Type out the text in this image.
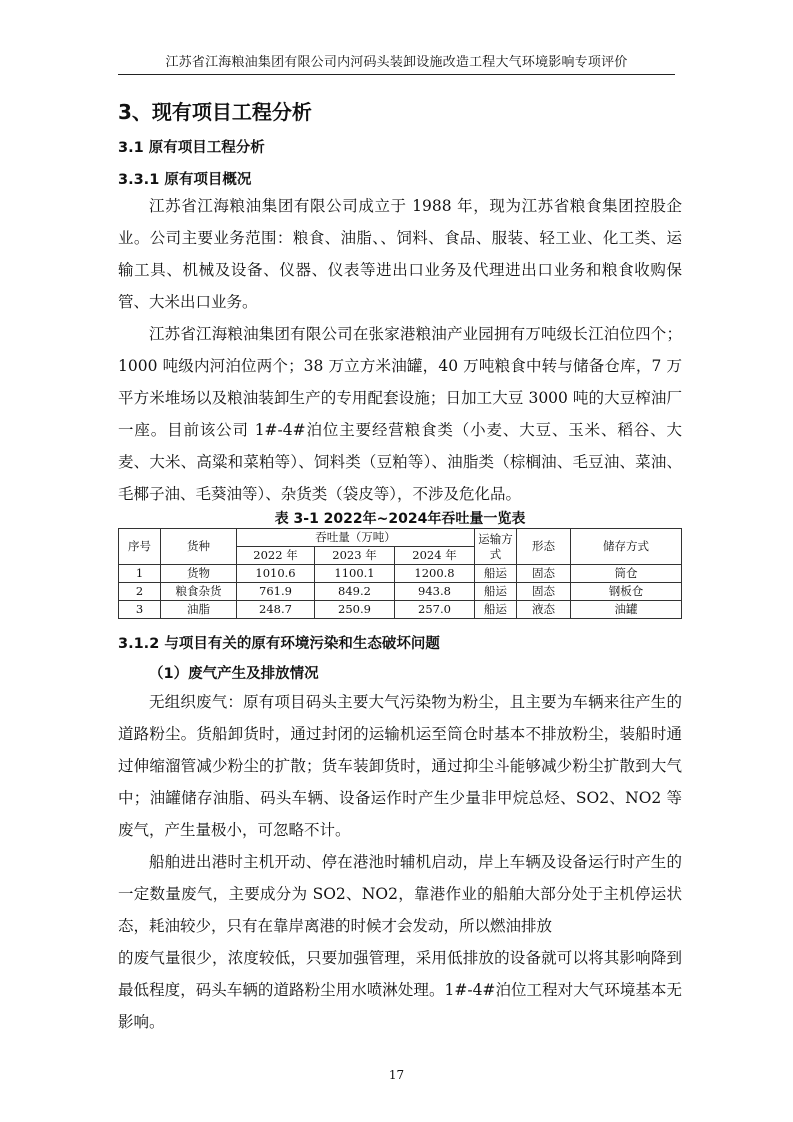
江苏省江海粮油集团有限公司内河码头装卸设施改造工程大气环境影响专项评价
3、现有项目工程分析
3.1 原有项目工程分析
3.3.1 原有项目概况

江苏省江海粮油集团有限公司成立于 1988 年，现为江苏省粮食集团控股企业。公司主要业务范围：粮食、油脂、、饲料、食品、服装、轻工业、化工类、运输工具、机械及设备、仪器、仪表等进出口业务及代理进出口业务和粮食收购保管、大米出口业务。

江苏省江海粮油集团有限公司在张家港粮油产业园拥有万吨级长江泊位四个；1000 吨级内河泊位两个；38 万立方米油罐，40 万吨粮食中转与储备仓库，7 万平方米堆场以及粮油装卸生产的专用配套设施；日加工大豆 3000 吨的大豆榨油厂一座。目前该公司 1#-4#泊位主要经营粮食类（小麦、大豆、玉米、稻谷、大麦、大米、高粱和菜粕等）、饲料类（豆粕等）、油脂类（棕榈油、毛豆油、菜油、毛椰子油、毛葵油等）、杂货类（袋皮等），不涉及危化品。

表 3-1 2022年~2024年吞吐量一览表
序号	货种	吞吐量（万吨）			运输方式	形态	储存方式
		2022 年	2023 年	2024 年			
1	货物	1010.6	1100.1	1200.8	船运	固态	筒仓
2	粮食杂货	761.9	849.2	943.8	船运	固态	钢板仓
3	油脂	248.7	250.9	257.0	船运	液态	油罐
3.1.2 与项目有关的原有环境污染和生态破坏问题
（1）废气产生及排放情况

无组织废气：原有项目码头主要大气污染物为粉尘，且主要为车辆来往产生的道路粉尘。货船卸货时，通过封闭的运输机运至筒仓时基本不排放粉尘，装船时通过伸缩溜管减少粉尘的扩散；货车装卸货时，通过抑尘斗能够减少粉尘扩散到大气中；油罐储存油脂、码头车辆、设备运作时产生少量非甲烷总烃、SO2、NO2 等废气，产生量极小，可忽略不计。

船舶进出港时主机开动、停在港池时辅机启动，岸上车辆及设备运行时产生的一定数量废气，主要成分为 SO2、NO2，靠港作业的船舶大部分处于主机停运状态，耗油较少，只有在靠岸离港的时候才会发动，所以燃油排放

的废气量很少，浓度较低，只要加强管理，采用低排放的设备就可以将其影响降到最低程度，码头车辆的道路粉尘用水喷淋处理。1#-4#泊位工程对大气环境基本无影响。

17
